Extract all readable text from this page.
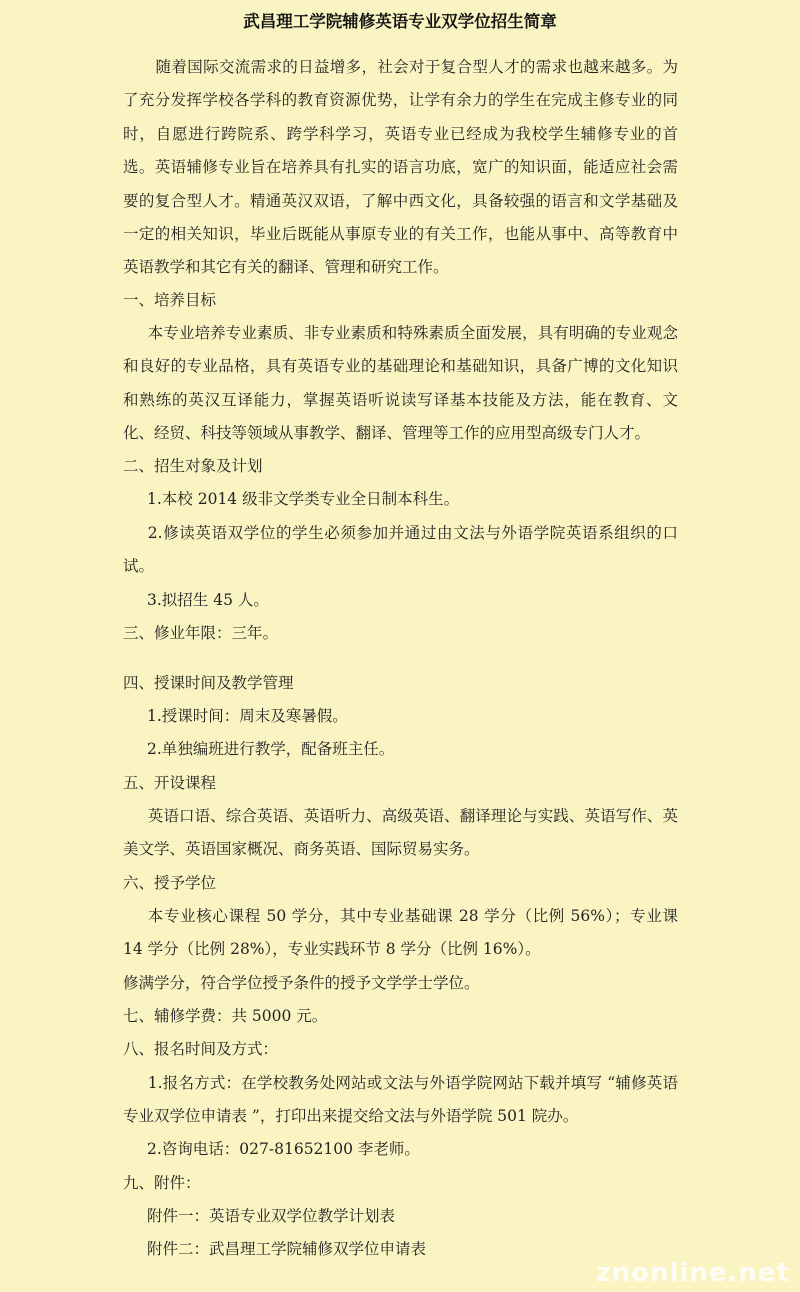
武昌理工学院辅修英语专业双学位招生简章
随着国际交流需求的日益增多，社会对于复合型人才的需求也越来越多。为了充分发挥学校各学科的教育资源优势，让学有余力的学生在完成主修专业的同时，自愿进行跨院系、跨学科学习，英语专业已经成为我校学生辅修专业的首选。英语辅修专业旨在培养具有扎实的语言功底，宽广的知识面，能适应社会需要的复合型人才。精通英汉双语，了解中西文化，具备较强的语言和文学基础及一定的相关知识，毕业后既能从事原专业的有关工作，也能从事中、高等教育中英语教学和其它有关的翻译、管理和研究工作。
一、培养目标
本专业培养专业素质、非专业素质和特殊素质全面发展，具有明确的专业观念和良好的专业品格，具有英语专业的基础理论和基础知识，具备广博的文化知识和熟练的英汉互译能力，掌握英语听说读写译基本技能及方法，能在教育、文化、经贸、科技等领域从事教学、翻译、管理等工作的应用型高级专门人才。
二、招生对象及计划
1.本校 2014 级非文学类专业全日制本科生。
2.修读英语双学位的学生必须参加并通过由文法与外语学院英语系组织的口试。
3.拟招生 45 人。
三、修业年限：三年。
四、授课时间及教学管理
1.授课时间：周末及寒暑假。
2.单独编班进行教学，配备班主任。
五、开设课程
英语口语、综合英语、英语听力、高级英语、翻译理论与实践、英语写作、英美文学、英语国家概况、商务英语、国际贸易实务。
六、授予学位
本专业核心课程 50 学分，其中专业基础课 28 学分（比例 56%）；专业课 14 学分（比例 28%），专业实践环节 8 学分（比例 16%）。
修满学分，符合学位授予条件的授予文学学士学位。
七、辅修学费：共 5000 元。
八、报名时间及方式：
1.报名方式：在学校教务处网站或文法与外语学院网站下载并填写 “辅修英语专业双学位申请表 ”，打印出来提交给文法与外语学院 501 院办。
2.咨询电话：027-81652100 李老师。
九、附件：
附件一：英语专业双学位教学计划表
附件二：武昌理工学院辅修双学位申请表
znonline.net
